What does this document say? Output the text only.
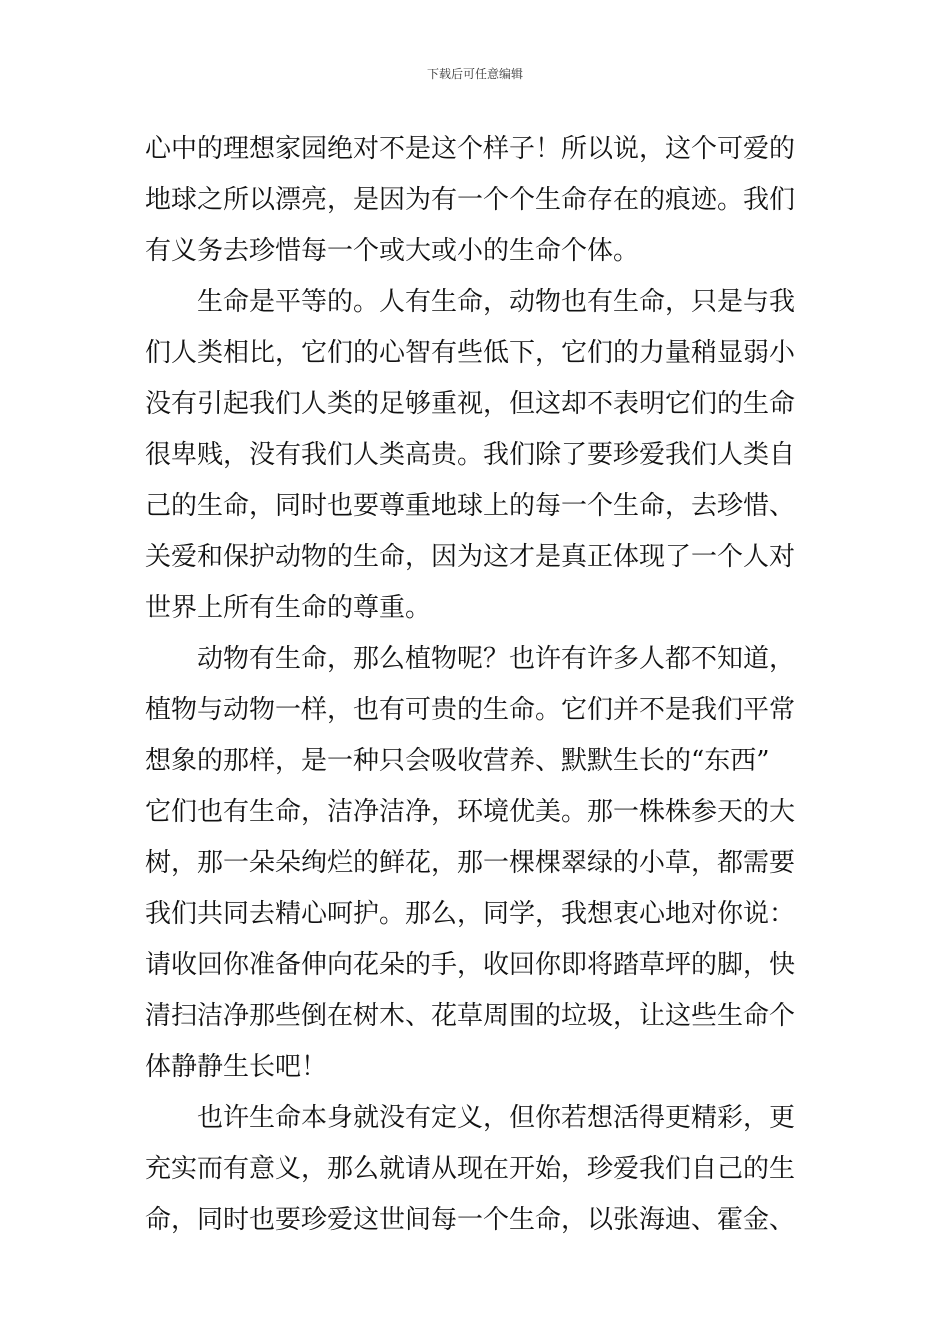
下载后可任意编辑
心中的理想家园绝对不是这个样子！所以说，这个可爱的
地球之所以漂亮，是因为有一个个生命存在的痕迹。我们
有义务去珍惜每一个或大或小的生命个体。
生命是平等的。人有生命，动物也有生命，只是与我
们人类相比，它们的心智有些低下，它们的力量稍显弱小
没有引起我们人类的足够重视，但这却不表明它们的生命
很卑贱，没有我们人类高贵。我们除了要珍爱我们人类自
己的生命，同时也要尊重地球上的每一个生命，去珍惜、
关爱和保护动物的生命，因为这才是真正体现了一个人对
世界上所有生命的尊重。
动物有生命，那么植物呢？也许有许多人都不知道，
植物与动物一样，也有可贵的生命。它们并不是我们平常
想象的那样，是一种只会吸收营养、默默生长的“东西”
它们也有生命，洁净洁净，环境优美。那一株株参天的大
树，那一朵朵绚烂的鲜花，那一棵棵翠绿的小草，都需要
我们共同去精心呵护。那么，同学，我想衷心地对你说：
请收回你准备伸向花朵的手，收回你即将踏草坪的脚，快
清扫洁净那些倒在树木、花草周围的垃圾，让这些生命个
体静静生长吧！
也许生命本身就没有定义，但你若想活得更精彩，更
充实而有意义，那么就请从现在开始，珍爱我们自己的生
命，同时也要珍爱这世间每一个生命，以张海迪、霍金、
